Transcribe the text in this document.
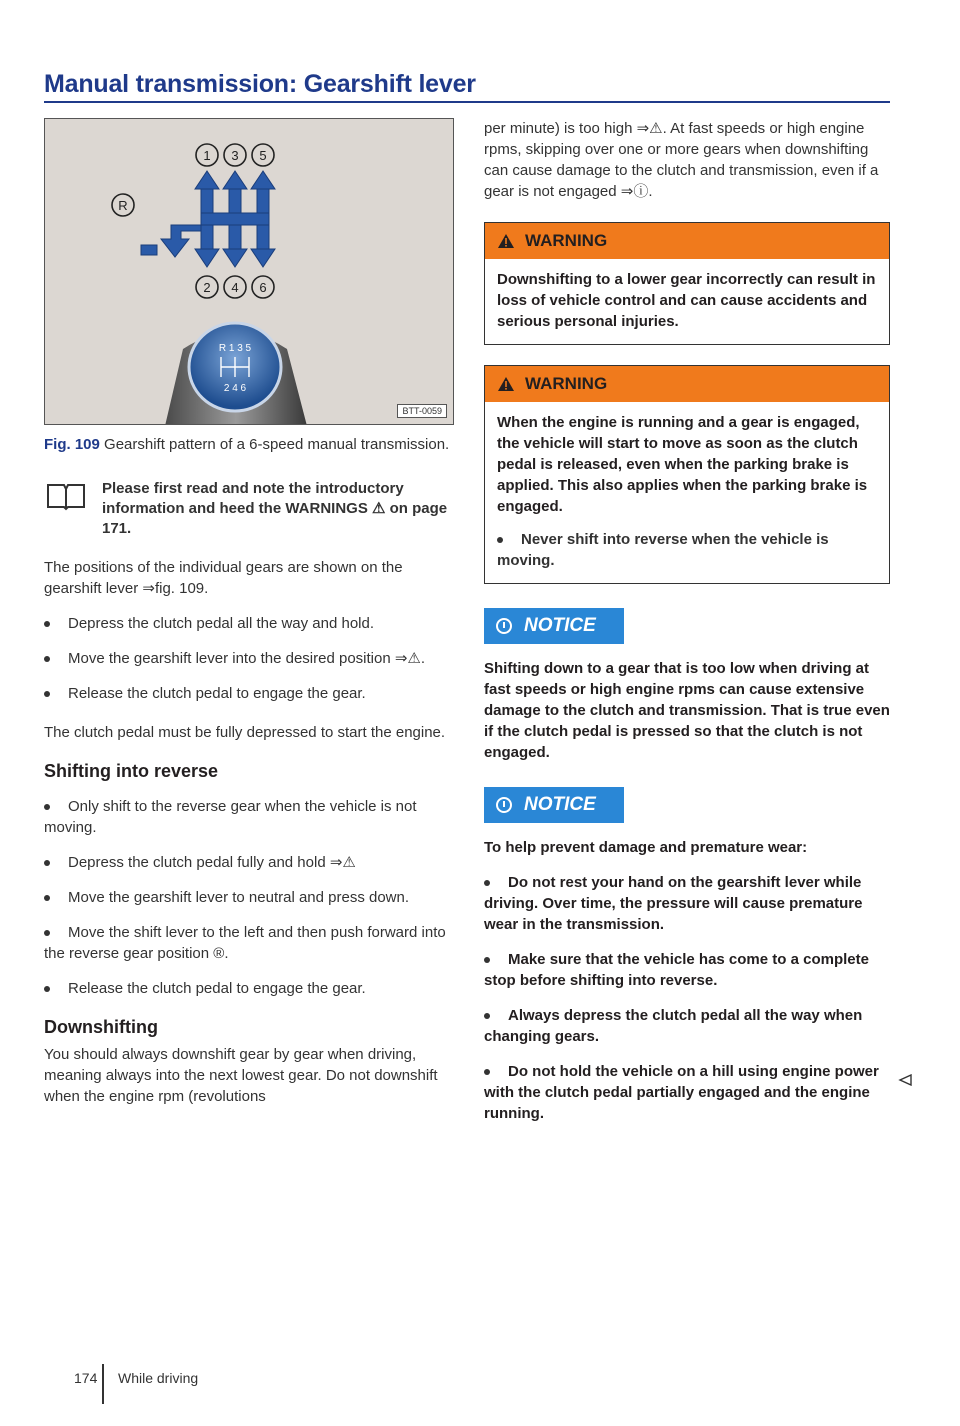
Manual transmission: Gearshift lever
1 3 5
R
2 4 6
R 1 3 5
2 4 6
BTT-0059
Fig. 109 Gearshift pattern of a 6-speed manual transmission.
Please first read and note the introductory information and heed the WARNINGS ⚠ on page 171.

The positions of the individual gears are shown on the gearshift lever ⇒fig. 109.

Depress the clutch pedal all the way and hold.
Move the gearshift lever into the desired position ⇒⚠.
Release the clutch pedal to engage the gear.

The clutch pedal must be fully depressed to start the engine.

Shifting into reverse
Only shift to the reverse gear when the vehicle is not moving.
Depress the clutch pedal fully and hold ⇒⚠
Move the gearshift lever to neutral and press down.
Move the shift lever to the left and then push forward into the reverse gear position ®.
Release the clutch pedal to engage the gear.
Downshifting

You should always downshift gear by gear when driving, meaning always into the next lowest gear. Do not downshift when the engine rpm (revolutions

per minute) is too high ⇒⚠. At fast speeds or high engine rpms, skipping over one or more gears when downshifting can cause damage to the clutch and transmission, even if a gear is not engaged ⇒ⓘ.

WARNING
Downshifting to a lower gear incorrectly can result in loss of vehicle control and can cause accidents and serious personal injuries.
WARNING
When the engine is running and a gear is engaged, the vehicle will start to move as soon as the clutch pedal is released, even when the parking brake is applied. This also applies when the parking brake is engaged.
Never shift into reverse when the vehicle is moving.
NOTICE
Shifting down to a gear that is too low when driving at fast speeds or high engine rpms can cause extensive damage to the clutch and transmission. That is true even if the clutch pedal is pressed so that the clutch is not engaged.
NOTICE
To help prevent damage and premature wear:
Do not rest your hand on the gearshift lever while driving. Over time, the pressure will cause premature wear in the transmission.
Make sure that the vehicle has come to a complete stop before shifting into reverse.
Always depress the clutch pedal all the way when changing gears.
Do not hold the vehicle on a hill using engine power with the clutch pedal partially engaged and the engine running.
174 While driving
